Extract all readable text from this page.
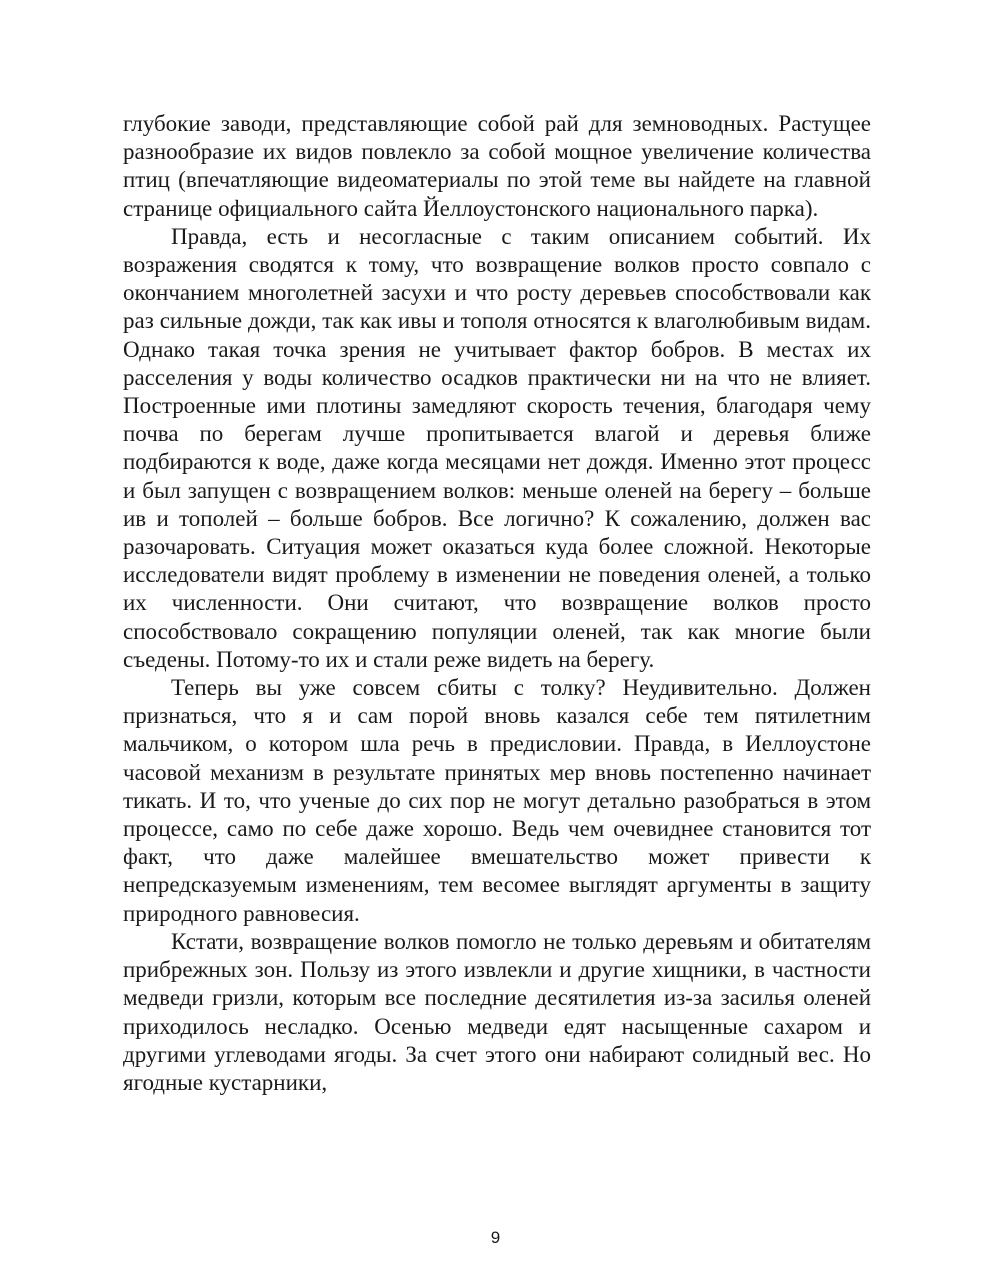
глубокие заводи, представляющие собой рай для земноводных. Растущее разнообразие их видов повлекло за собой мощное увеличение количества птиц (впечатляющие видеоматериалы по этой теме вы найдете на главной странице официального сайта Йеллоустонского национального парка).

Правда, есть и несогласные с таким описанием событий. Их возражения сводятся к тому, что возвращение волков просто совпало с окончанием многолетней засухи и что росту деревьев способствовали как раз сильные дожди, так как ивы и тополя относятся к влаголюбивым видам. Однако такая точка зрения не учитывает фактор бобров. В местах их расселения у воды количество осадков практически ни на что не влияет. Построенные ими плотины замедляют скорость течения, благодаря чему почва по берегам лучше пропитывается влагой и деревья ближе подбираются к воде, даже когда месяцами нет дождя. Именно этот процесс и был запущен с возвращением волков: меньше оленей на берегу – больше ив и тополей – больше бобров. Все логично? К сожалению, должен вас разочаровать. Ситуация может оказаться куда более сложной. Некоторые исследователи видят проблему в изменении не поведения оленей, а только их численности. Они считают, что возвращение волков просто способствовало сокращению популяции оленей, так как многие были съедены. Потому-то их и стали реже видеть на берегу.

Теперь вы уже совсем сбиты с толку? Неудивительно. Должен признаться, что я и сам порой вновь казался себе тем пятилетним мальчиком, о котором шла речь в предисловии. Правда, в Иеллоустоне часовой механизм в результате принятых мер вновь постепенно начинает тикать. И то, что ученые до сих пор не могут детально разобраться в этом процессе, само по себе даже хорошо. Ведь чем очевиднее становится тот факт, что даже малейшее вмешательство может привести к непредсказуемым изменениям, тем весомее выглядят аргументы в защиту природного равновесия.

Кстати, возвращение волков помогло не только деревьям и обитателям прибрежных зон. Пользу из этого извлекли и другие хищники, в частности медведи гризли, которым все последние десятилетия из-за засилья оленей приходилось несладко. Осенью медведи едят насыщенные сахаром и другими углеводами ягоды. За счет этого они набирают солидный вес. Но ягодные кустарники,

9
